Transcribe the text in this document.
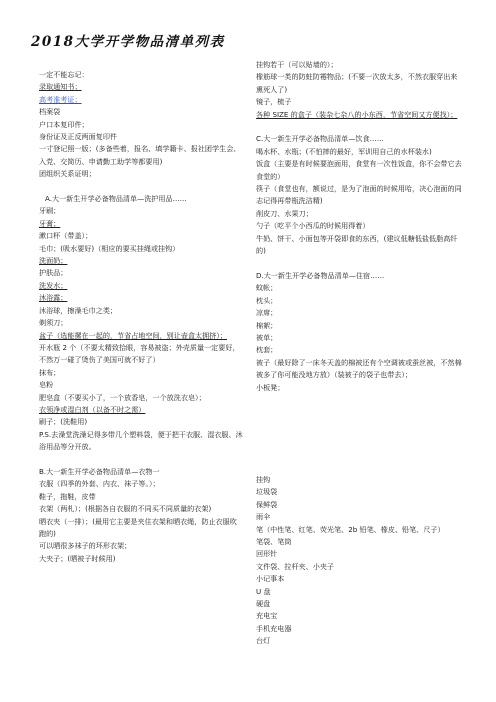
2018大学开学物品清单列表
一定不能忘记：
录取通知书；
高考准考证；
档案袋
户口本复印件；
身份证及正反两面复印件
一寸登记照一版；(多备些着，报名、填学籍卡、报社团学生会、入党、交简历、申请勤工助学等都要用)
团组织关系证明；
A.大一新生开学必备物品清单—洗护用品……
牙刷；
牙膏；
漱口杯（带盖）；
毛巾；(吸水要好)（相应的要买挂绳或挂钩）
洗面奶；
护肤品；
洗发水；
沐浴露；
沐浴球，擦澡毛巾之类；
剃须刀；
盆子（选能摞在一起的，节省占地空间，别让壶盒太拥挤）；
开水瓶 2 个（不要太精致拾眼，容易被盗；外壳质量一定要好，不然万一碰了烫伤了美国可就不好了）
抹布；
皂粉
肥皂盒（不要买小了，一个放香皂，一个放洗衣皂）；
衣领净或湿白剂（以备不时之需）
刷子；(洗鞋用)
P.S.去澡堂洗澡记得多带几个塑料袋，便于把干衣服、湿衣服、沐浴用品等分开放。
B.大一新生开学必备物品清单—衣物一
衣服（四季的外套、内衣、袜子等。）；
鞋子，拖鞋，皮带
衣架（两札）；(根据各自衣服的不同买不同质量的衣架)
晒衣夹（一排）；(最用它主要是夹住衣架和晒衣绳，防止衣服吹跑的)
可以晒很多袜子的环形衣架；
大夹子；(晒被子时候用)
挂钩若干（可以贴墙的）；
橡筋球一类的防蛀防霉物品；(不要一次放太多，不然衣服穿出来熏死人了)
镜子，梳子
各种 SIZE 的盒子（装杂七杂八的小东西，节省空间又方便找）；
C.大一新生开学必备物品清单—饮食……
喝水杯、水瓶；(不怕摔的最好，军训用自己的水杯装水)
饭盒（主要是有时候要泡面用，食堂有一次性饭盒，你不会带它去食堂的）
筷子（食堂也有，额说过，是为了泡面的时候用哈，决心泡面的同志记得再带瓶洗洁精)
削皮刀、水果刀；
勺子（吃平个小西瓜的时候用得着）
牛奶、饼干、小面包等开袋即食的东西，(建议低糖低盐低脂高纤的)
D.大一新生开学必备物品清单—住宿……
蚊帐；
枕头；
凉席；
棉絮；
被单；
枕套；
被子（最好除了一床冬天盖的棉被还有个空调被或蚕丝被，不然棉被多了你可能没地方放）（装被子的袋子也带去）；
小板凳；
挂钩
垃圾袋
保鲜袋
雨伞
笔（中性笔、红笔、荧光笔、2b 铅笔、橡皮、铅笔、尺子）
笔袋、笔筒
回形针
文件袋、拉杆夹、小夹子
小记事本
U 盘
硬盘
充电宝
手机充电器
台灯
